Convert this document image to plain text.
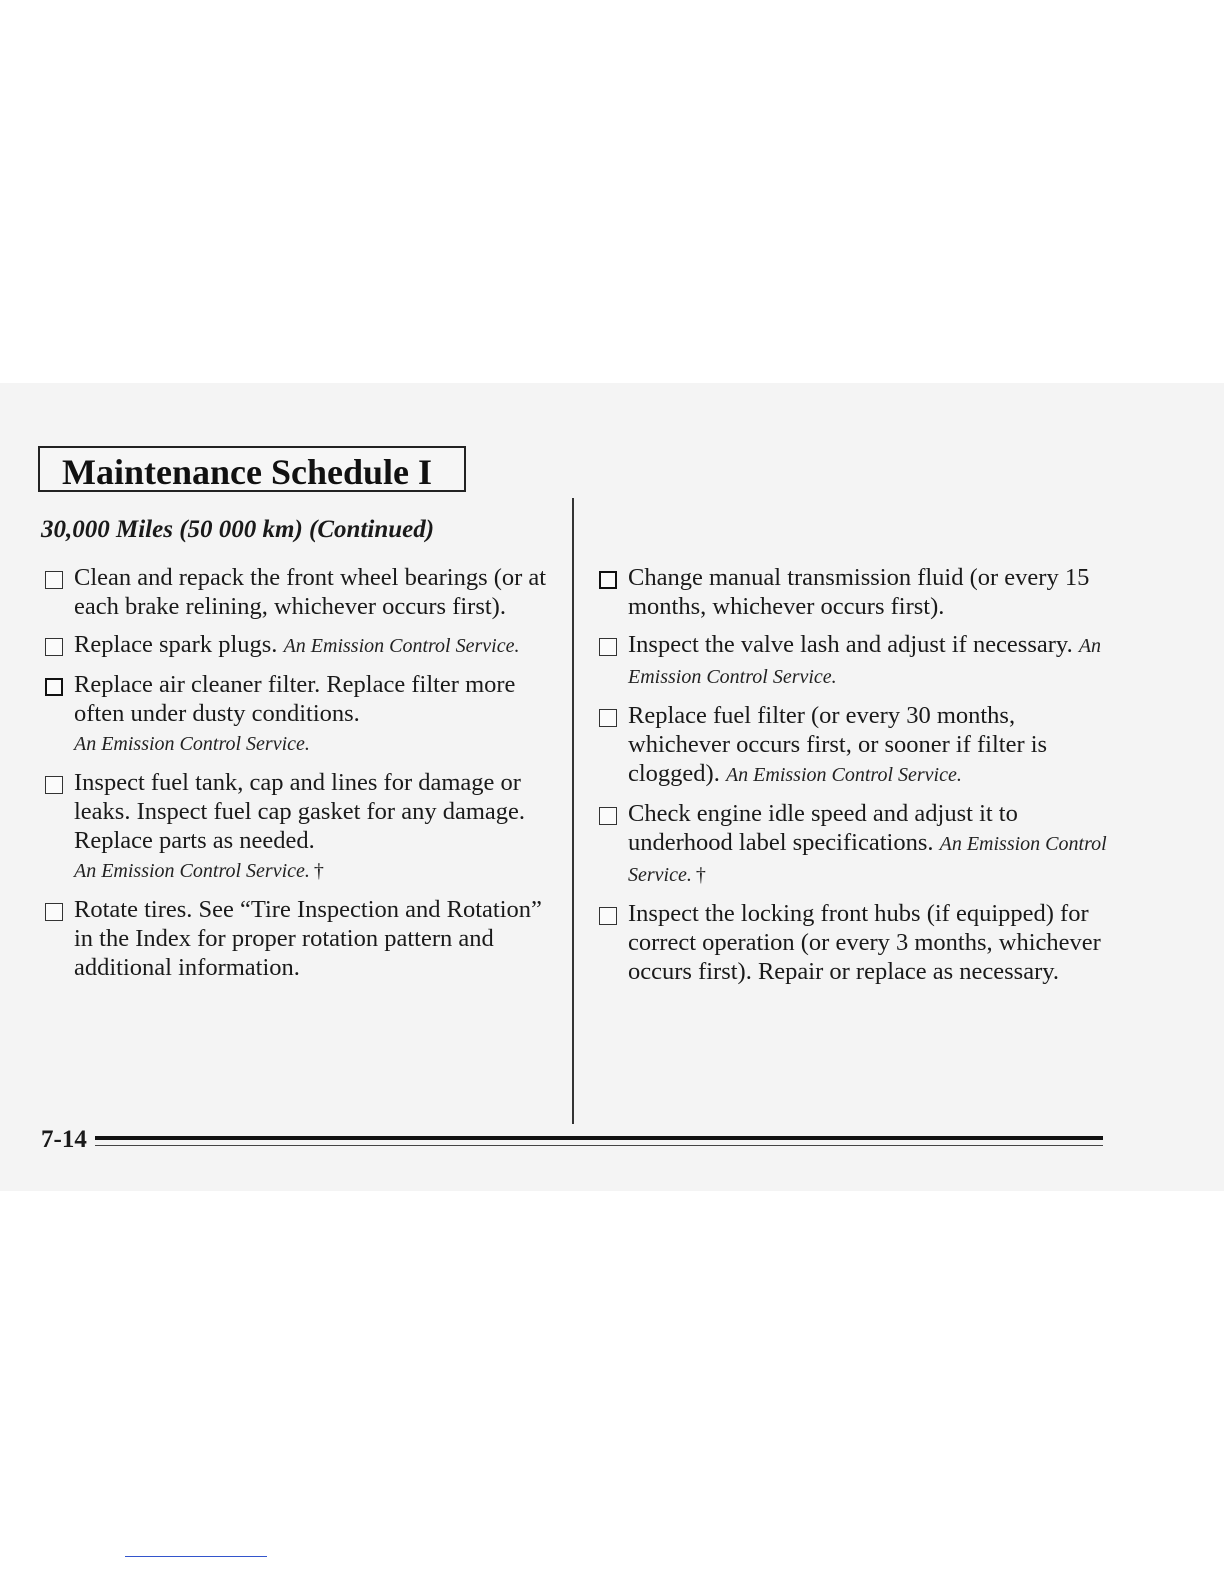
Maintenance Schedule I
30,000 Miles (50 000 km) (Continued)
Clean and repack the front wheel bearings (or at each brake relining, whichever occurs first).
Replace spark plugs. An Emission Control Service.
Replace air cleaner filter. Replace filter more often under dusty conditions.
An Emission Control Service.
Inspect fuel tank, cap and lines for damage or leaks. Inspect fuel cap gasket for any damage. Replace parts as needed.
An Emission Control Service. †
Rotate tires. See “Tire Inspection and Rotation” in the Index for proper rotation pattern and additional information.
Change manual transmission fluid (or every 15 months, whichever occurs first).
Inspect the valve lash and adjust if necessary. An Emission Control Service.
Replace fuel filter (or every 30 months, whichever occurs first, or sooner if filter is clogged). An Emission Control Service.
Check engine idle speed and adjust it to underhood label specifications. An Emission Control Service. †
Inspect the locking front hubs (if equipped) for correct operation (or every 3 months, whichever occurs first). Repair or replace as necessary.
7-14
